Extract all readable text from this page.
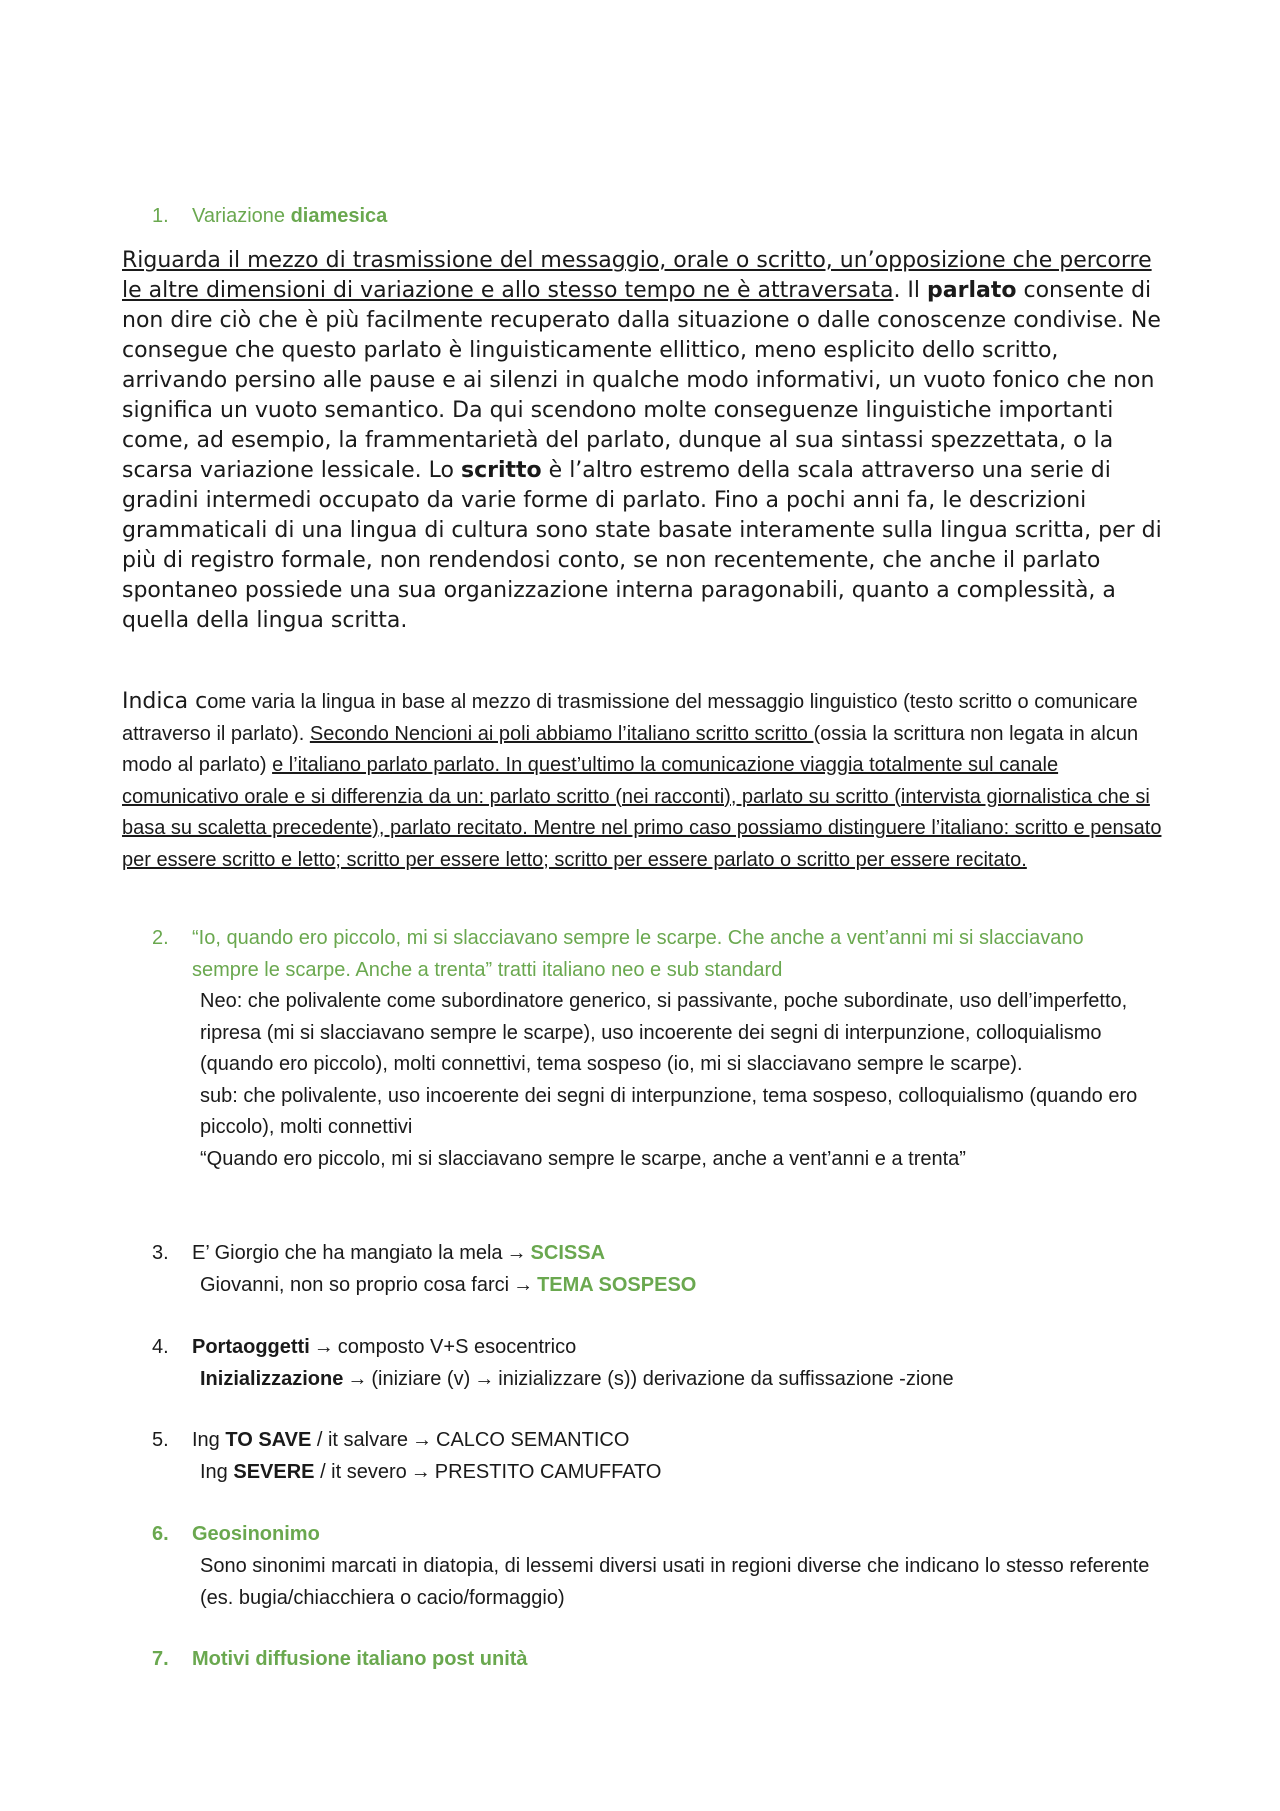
1. Variazione diamesica

Riguarda il mezzo di trasmissione del messaggio, orale o scritto, un’opposizione che percorre le altre dimensioni di variazione e allo stesso tempo ne è attraversata. Il parlato consente di non dire ciò che è più facilmente recuperato dalla situazione o dalle conoscenze condivise. Ne consegue che questo parlato è linguisticamente ellittico, meno esplicito dello scritto, arrivando persino alle pause e ai silenzi in qualche modo informativi, un vuoto fonico che non significa un vuoto semantico. Da qui scendono molte conseguenze linguistiche importanti come, ad esempio, la frammentarietà del parlato, dunque al sua sintassi spezzettata, o la scarsa variazione lessicale. Lo scritto è l’altro estremo della scala attraverso una serie di gradini intermedi occupato da varie forme di parlato. Fino a pochi anni fa, le descrizioni grammaticali di una lingua di cultura sono state basate interamente sulla lingua scritta, per di più di registro formale, non rendendosi conto, se non recentemente, che anche il parlato spontaneo possiede una sua organizzazione interna paragonabili, quanto a complessità, a quella della lingua scritta.

Indica come varia la lingua in base al mezzo di trasmissione del messaggio linguistico (testo scritto o comunicare attraverso il parlato). Secondo Nencioni ai poli abbiamo l’italiano scritto scritto (ossia la scrittura non legata in alcun modo al parlato) e l’italiano parlato parlato. In quest’ultimo la comunicazione viaggia totalmente sul canale comunicativo orale e si differenzia da un: parlato scritto (nei racconti), parlato su scritto (intervista giornalistica che si basa su scaletta precedente), parlato recitato. Mentre nel primo caso possiamo distinguere l’italiano: scritto e pensato per essere scritto e letto; scritto per essere letto; scritto per essere parlato o scritto per essere recitato.

2. “Io, quando ero piccolo, mi si slacciavano sempre le scarpe. Che anche a vent’anni mi si slacciavano sempre le scarpe. Anche a trenta” tratti italiano neo e sub standard

Neo: che polivalente come subordinatore generico, si passivante, poche subordinate, uso dell’imperfetto, ripresa (mi si slacciavano sempre le scarpe), uso incoerente dei segni di interpunzione, colloquialismo (quando ero piccolo), molti connettivi, tema sospeso (io, mi si slacciavano sempre le scarpe).

sub: che polivalente, uso incoerente dei segni di interpunzione, tema sospeso, colloquialismo (quando ero piccolo), molti connettivi

“Quando ero piccolo, mi si slacciavano sempre le scarpe, anche a vent’anni e a trenta”

3. E’ Giorgio che ha mangiato la mela → SCISSA
Giovanni, non so proprio cosa farci → TEMA SOSPESO
4. Portaoggetti → composto V+S esocentrico
Inizializzazione → (iniziare (v) → inizializzare (s)) derivazione da suffissazione -zione
5. Ing TO SAVE / it salvare → CALCO SEMANTICO
Ing SEVERE / it severo → PRESTITO CAMUFFATO
6. Geosinonimo

Sono sinonimi marcati in diatopia, di lessemi diversi usati in regioni diverse che indicano lo stesso referente (es. bugia/chiacchiera o cacio/formaggio)

7. Motivi diffusione italiano post unità
